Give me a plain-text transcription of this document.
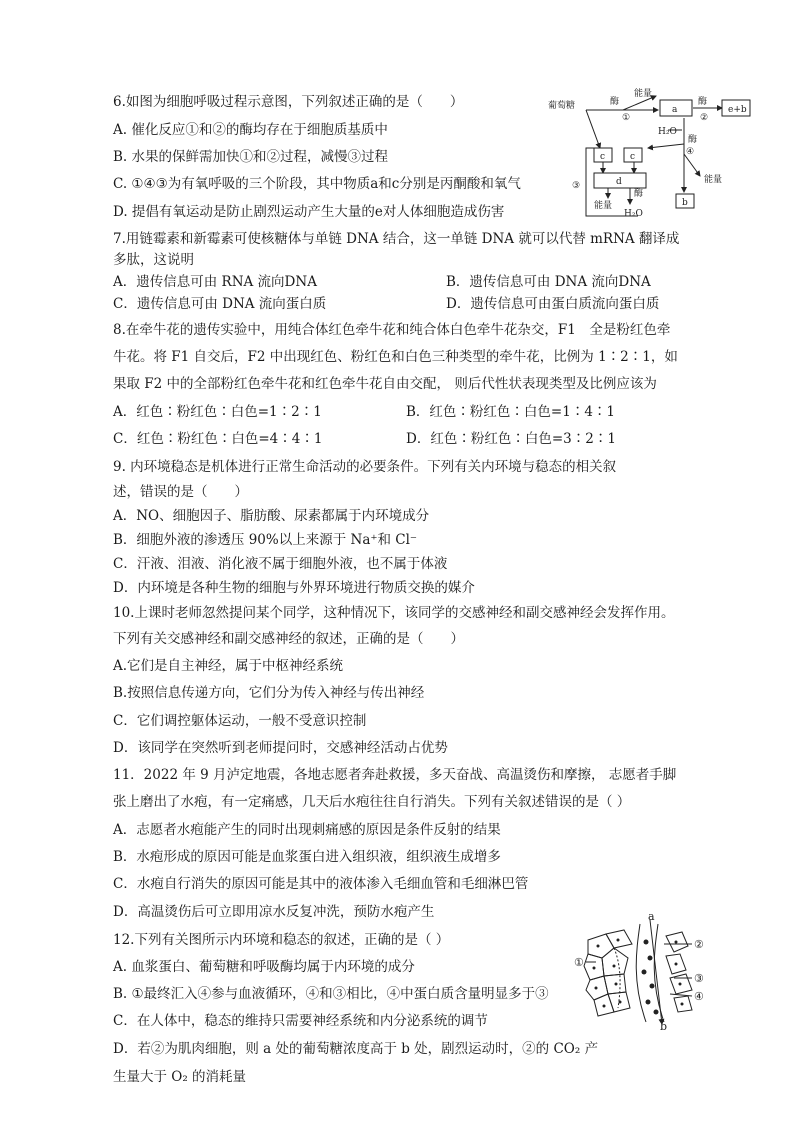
6.如图为细胞呼吸过程示意图，下列叙述正确的是（　　）
A. 催化反应①和②的酶均存在于细胞质基质中
B. 水果的保鲜需加快①和②过程，减慢③过程
C. ①④③为有氧呼吸的三个阶段，其中物质a和c分别是丙酮酸和氧气
D. 提倡有氧运动是防止剧烈运动产生大量的e对人体细胞造成伤害
葡萄糖	酶
能量
①
a
酶
②
e+b
H₂O
酶
④
能量
c	c
d
b
③
酶
能量
H₂O
7.用链霉素和新霉素可使核糖体与单链 DNA 结合，这一单链 DNA 就可以代替 mRNA 翻译成
多肽，这说明
A．遗传信息可由 RNA 流向DNA	B．遗传信息可由 DNA 流向DNA
C．遗传信息可由 DNA 流向蛋白质	D．遗传信息可由蛋白质流向蛋白质
8.在牵牛花的遗传实验中，用纯合体红色牵牛花和纯合体白色牵牛花杂交，F1　全是粉红色牵
牛花。将 F1 自交后，F2 中出现红色、粉红色和白色三种类型的牵牛花，比例为 1∶2∶1，如
果取 F2 中的全部粉红色牵牛花和红色牵牛花自由交配， 则后代性状表现类型及比例应该为
A．红色∶粉红色∶白色=1∶2∶1	B．红色∶粉红色∶白色=1∶4∶1
C．红色∶粉红色∶白色=4∶4∶1	D．红色∶粉红色∶白色=3∶2∶1
9. 内环境稳态是机体进行正常生命活动的必要条件。下列有关内环境与稳态的相关叙
述，错误的是（　　）
A．NO、细胞因子、脂肪酸、尿素都属于内环境成分
B．细胞外液的渗透压 90%以上来源于 Na⁺和 Cl⁻
C．汗液、泪液、消化液不属于细胞外液，也不属于体液
D．内环境是各种生物的细胞与外界环境进行物质交换的媒介
10.上课时老师忽然提问某个同学，这种情况下，该同学的交感神经和副交感神经会发挥作用。
下列有关交感神经和副交感神经的叙述，正确的是（　　）
A.它们是自主神经，属于中枢神经系统
B.按照信息传递方向，它们分为传入神经与传出神经
C．它们调控躯体运动，一般不受意识控制
D．该同学在突然听到老师提问时，交感神经活动占优势
11．2022 年 9 月泸定地震，各地志愿者奔赴救援，多天奋战、高温烫伤和摩擦， 志愿者手脚
张上磨出了水疱，有一定痛感，几天后水疱往往自行消失。下列有关叙述错误的是（ ）
A．志愿者水疱能产生的同时出现刺痛感的原因是条件反射的结果
B．水疱形成的原因可能是血浆蛋白进入组织液，组织液生成增多
C．水疱自行消失的原因可能是其中的液体渗入毛细血管和毛细淋巴管
D．高温烫伤后可立即用凉水反复冲洗，预防水疱产生
12.下列有关图所示内环境和稳态的叙述，正确的是（ ）
A. 血浆蛋白、葡萄糖和呼吸酶均属于内环境的成分
B. ①最终汇入④参与血液循环，④和③相比，④中蛋白质含量明显多于③
C．在人体中，稳态的维持只需要神经系统和内分泌系统的调节
D．若②为肌肉细胞，则 a 处的葡萄糖浓度高于 b 处，剧烈运动时，②的 CO₂ 产
生量大于 O₂ 的消耗量
a
b
①
②
③
④
